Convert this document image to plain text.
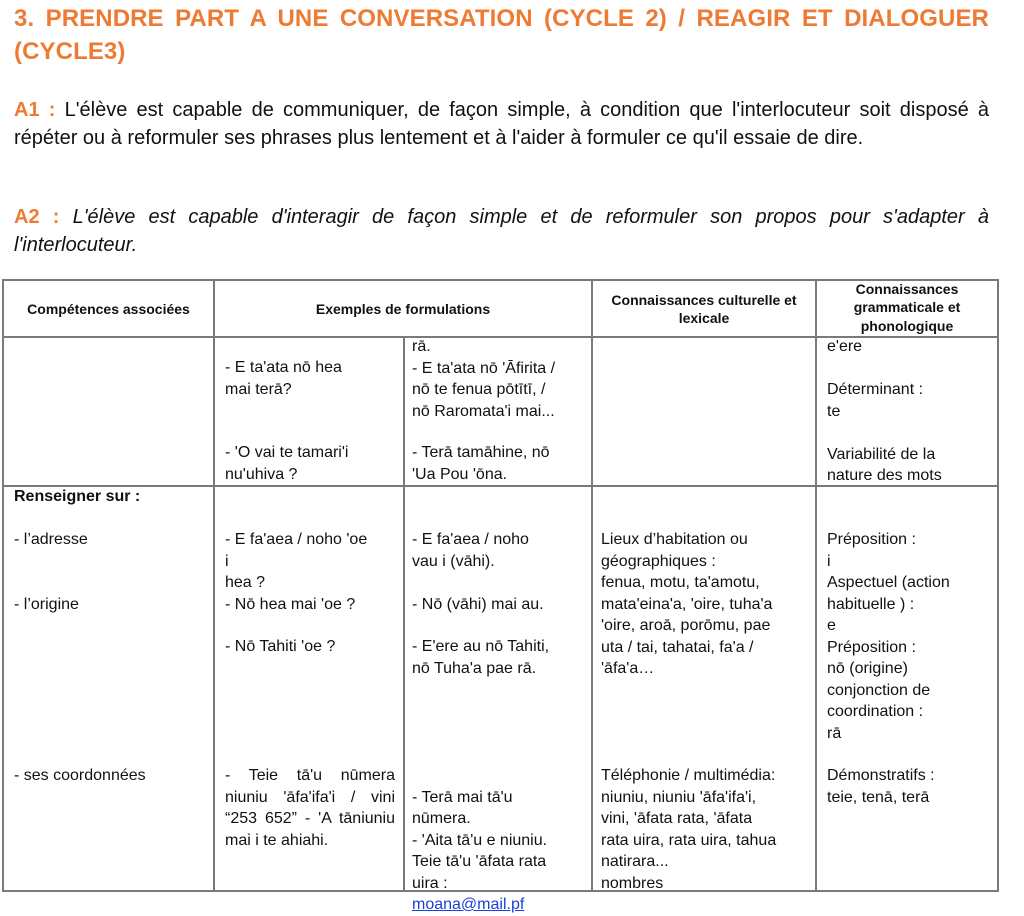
3. PRENDRE PART A UNE CONVERSATION (CYCLE 2) / REAGIR ET DIALOGUER (CYCLE3)
A1 : L'élève est capable de communiquer, de façon simple, à condition que l'interlocuteur soit disposé à répéter ou à reformuler ses phrases plus lentement et à l'aider à formuler ce qu'il essaie de dire.
A2 : L'élève est capable d'interagir de façon simple et de reformuler son propos pour s'adapter à l'interlocuteur.
Compétences associées	Exemples de formulations
Connaissances culturelle et lexicale
Connaissances grammaticale et phonologique
- E ta'ata nō hea
mai terā?
- 'O vai te tamari'i
nu'uhiva ?
rā.
- E ta'ata nō 'Āfirita /
nō te fenua pōtītī, /
nō Raromata'i mai...
- Terā tamāhine, nō
'Ua Pou 'ōna.
e'ere

Déterminant :
te

Variabilité de la
nature des mots
Renseigner sur :
- l’adresse
- l’origine
- E fa'aea / noho 'oe
i
hea ?
- Nō hea mai 'oe ?
- Nō Tahiti 'oe ?
- E fa'aea / noho
vau i (vāhi).
- Nō (vāhi) mai au.
- E'ere au nō Tahiti,
nō Tuha'a pae rā.
Lieux d’habitation ou
géographiques :
fenua, motu, ta'amotu,
mata'eina'a, 'oire, tuha'a
'oire, aroā, porōmu, pae
uta / tai, tahatai, fa'a /
'āfa'a…
Préposition :
i
Aspectuel (action
habituelle ) :
e
Préposition :
nō (origine)
conjonction de
coordination :
rā
- ses coordonnées	- Teie tā'u nūmera niuniu 'āfa'ifa'i / vini “253 652” - 'A tāniuniu mai i te ahiahi.

- Terā mai tā'u
nūmera.
- 'Aita tā'u e niuniu.
Teie tā'u 'āfata rata
uira :
moana@mail.pf

Téléphonie / multimédia:
niuniu, niuniu 'āfa'ifa'i,
vini, 'āfata rata, 'āfata
rata uira, rata uira, tahua
natirara...
nombres
Démonstratifs :
teie, tenā, terā
